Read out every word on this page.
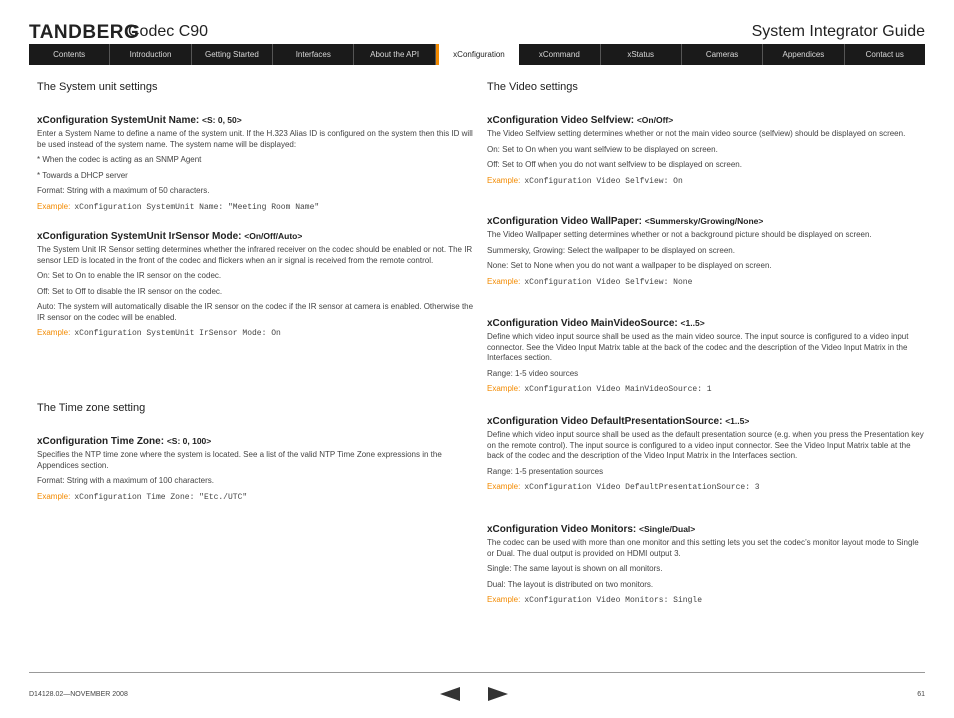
TANDBERG
Codec C90	System Integrator Guide
Contents	Introduction	Getting Started	Interfaces	About the API	xConfiguration	xCommand	xStatus	Cameras	Appendices	Contact us
The System unit settings
xConfiguration SystemUnit Name: <S: 0, 50>
Enter a System Name to define a name of the system unit. If the H.323 Alias ID is configured on the system then this ID will be used instead of the system name. The system name will be displayed:
* When the codec is acting as an SNMP Agent
* Towards a DHCP server
Format: String with a maximum of 50 characters.
Example: xConfiguration SystemUnit Name: "Meeting Room Name"
xConfiguration SystemUnit IrSensor Mode: <On/Off/Auto>
The System Unit IR Sensor setting determines whether the infrared receiver on the codec should be enabled or not. The IR sensor LED is located in the front of the codec and flickers when an ir signal is received from the remote control.
On: Set to On to enable the IR sensor on the codec.
Off: Set to Off to disable the IR sensor on the codec.
Auto: The system will automatically disable the IR sensor on the codec if the IR sensor at camera is enabled. Otherwise the IR sensor on the codec will be enabled.
Example: xConfiguration SystemUnit IrSensor Mode: On
The Time zone setting
xConfiguration Time Zone: <S: 0, 100>
Specifies the NTP time zone where the system is located. See a list of the valid NTP Time Zone expressions in the Appendices section.
Format: String with a maximum of 100 characters.
Example: xConfiguration Time Zone: "Etc./UTC"
The Video settings
xConfiguration Video Selfview: <On/Off>
The Video Selfview setting determines whether or not the main video source (selfview) should be displayed on screen.
On: Set to On when you want selfview to be displayed on screen.
Off: Set to Off when you do not want selfview to be displayed on screen.
Example: xConfiguration Video Selfview: On
xConfiguration Video WallPaper: <Summersky/Growing/None>
The Video Wallpaper setting determines whether or not a background picture should be displayed on screen.
Summersky, Growing: Select the wallpaper to be displayed on screen.
None: Set to None when you do not want a wallpaper to be displayed on screen.
Example: xConfiguration Video Selfview: None
xConfiguration Video MainVideoSource: <1..5>
Define which video input source shall be used as the main video source. The input source is configured to a video input connector. See the Video Input Matrix table at the back of the codec and the description of the Video Input Matrix in the Interfaces section.
Range: 1-5 video sources
Example: xConfiguration Video MainVideoSource: 1
xConfiguration Video DefaultPresentationSource: <1..5>
Define which video input source shall be used as the default presentation source (e.g. when you press the Presentation key on the remote control). The input source is configured to a video input connector. See the Video Input Matrix table at the back of the codec and the description of the Video Input Matrix in the Interfaces section.
Range: 1-5 presentation sources
Example: xConfiguration Video DefaultPresentationSource: 3
xConfiguration Video Monitors: <Single/Dual>
The codec can be used with more than one monitor and this setting lets you set the codec’s monitor layout mode to Single or Dual. The dual output is provided on HDMI output 3.
Single: The same layout is shown on all monitors.
Dual: The layout is distributed on two monitors.
Example: xConfiguration Video Monitors: Single
D14128.02—NOVEMBER 2008	61
